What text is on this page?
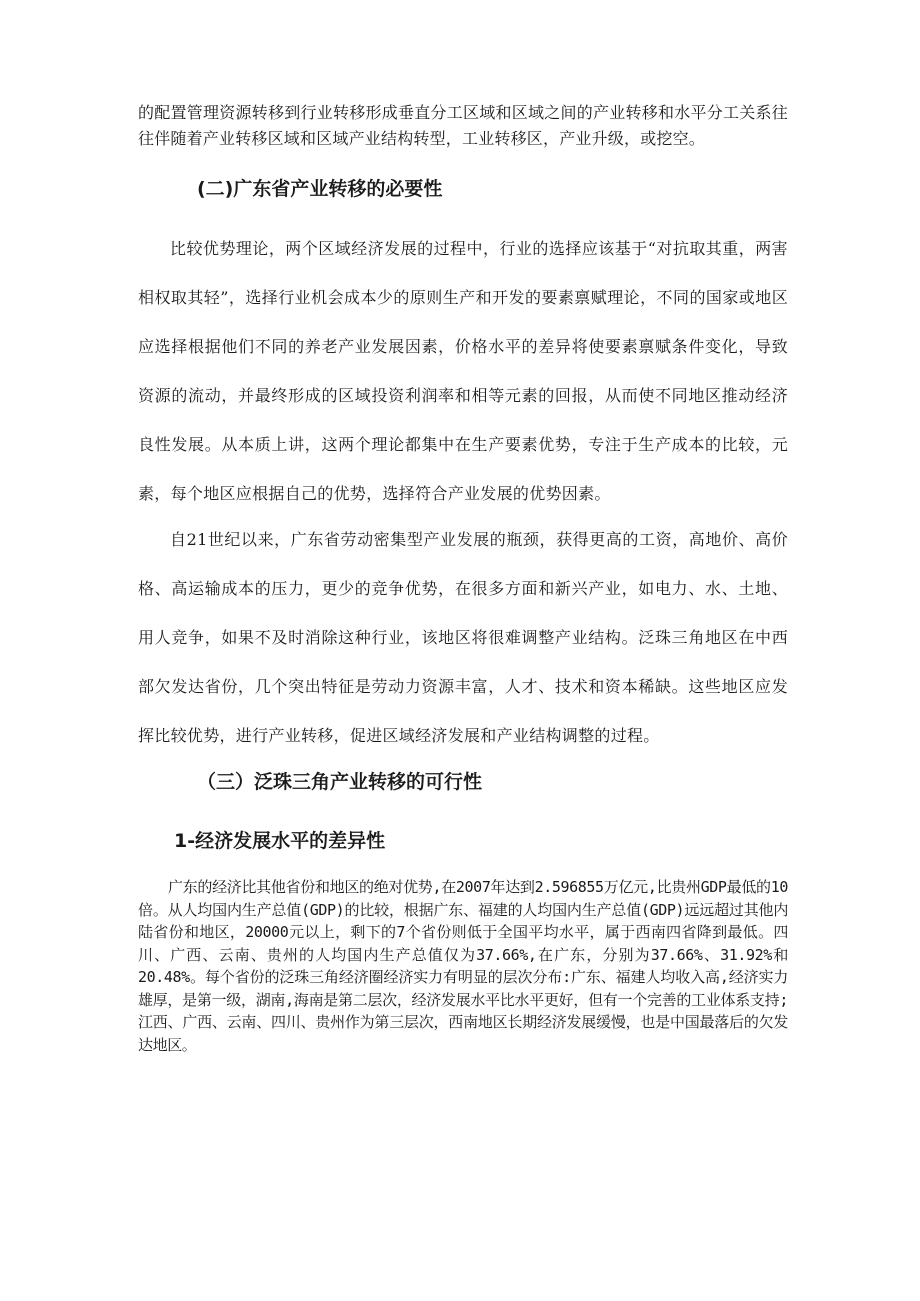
的配置管理资源转移到行业转移形成垂直分工区域和区域之间的产业转移和水平分工关系往往伴随着产业转移区域和区域产业结构转型，工业转移区，产业升级，或挖空。

(二)广东省产业转移的必要性

比较优势理论，两个区域经济发展的过程中，行业的选择应该基于“对抗取其重，两害相权取其轻”，选择行业机会成本少的原则生产和开发的要素禀赋理论，不同的国家或地区应选择根据他们不同的养老产业发展因素，价格水平的差异将使要素禀赋条件变化，导致资源的流动，并最终形成的区域投资利润率和相等元素的回报，从而使不同地区推动经济良性发展。从本质上讲，这两个理论都集中在生产要素优势，专注于生产成本的比较，元素，每个地区应根据自己的优势，选择符合产业发展的优势因素。

自21世纪以来，广东省劳动密集型产业发展的瓶颈，获得更高的工资，高地价、高价格、高运输成本的压力，更少的竞争优势，在很多方面和新兴产业，如电力、水、土地、用人竞争，如果不及时消除这种行业，该地区将很难调整产业结构。泛珠三角地区在中西部欠发达省份，几个突出特征是劳动力资源丰富，人才、技术和资本稀缺。这些地区应发挥比较优势，进行产业转移，促进区域经济发展和产业结构调整的过程。

（三）泛珠三角产业转移的可行性
1-经济发展水平的差异性

广东的经济比其他省份和地区的绝对优势,在2007年达到2.596855万亿元,比贵州GDP最低的10倍。从人均国内生产总值(GDP)的比较，根据广东、福建的人均国内生产总值(GDP)远远超过其他内陆省份和地区，20000元以上，剩下的7个省份则低于全国平均水平，属于西南四省降到最低。四川、广西、云南、贵州的人均国内生产总值仅为37.66%,在广东，分别为37.66%、31.92%和20.48%。每个省份的泛珠三角经济圈经济实力有明显的层次分布:广东、福建人均收入高,经济实力雄厚，是第一级，湖南,海南是第二层次，经济发展水平比水平更好，但有一个完善的工业体系支持;江西、广西、云南、四川、贵州作为第三层次，西南地区长期经济发展缓慢，也是中国最落后的欠发达地区。
